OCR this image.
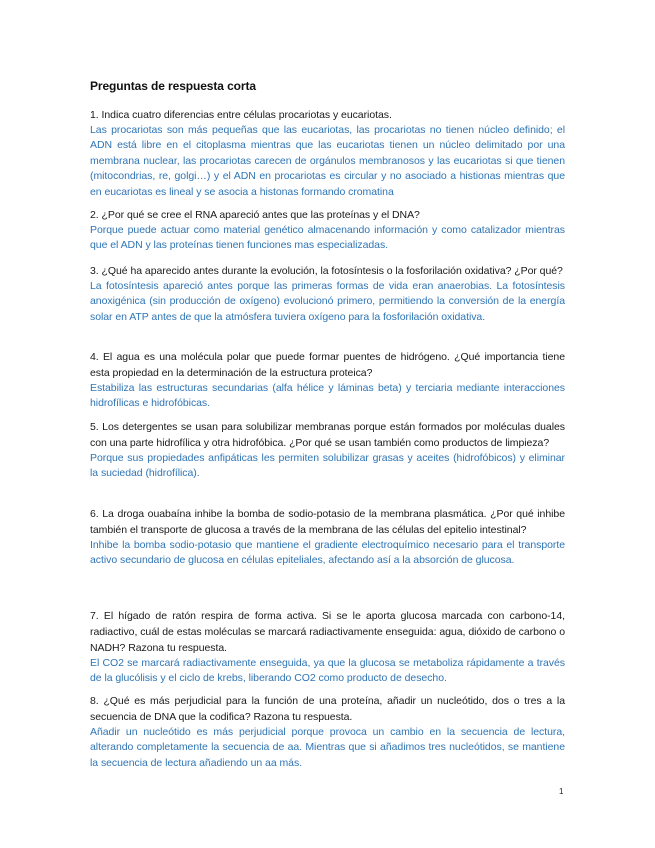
Preguntas de respuesta corta
1. Indica cuatro diferencias entre células procariotas y eucariotas.
Las procariotas son más pequeñas que las eucariotas, las procariotas no tienen núcleo definido; el ADN está libre en el citoplasma mientras que las eucariotas tienen un núcleo delimitado por una membrana nuclear, las procariotas carecen de orgánulos membranosos y las eucariotas si que tienen (mitocondrias, re, golgi…) y el ADN en procariotas es circular y no asociado a histionas mientras que en eucariotas es lineal y se asocia a histonas formando cromatina
2. ¿Por qué se cree el RNA apareció antes que las proteínas y el DNA?
Porque puede actuar como material genético almacenando información y como catalizador mientras que el ADN y las proteínas tienen funciones mas especializadas.
3. ¿Qué ha aparecido antes durante la evolución, la fotosíntesis o la fosforilación oxidativa? ¿Por qué?
La fotosíntesis apareció antes porque las primeras formas de vida eran anaerobias. La fotosíntesis anoxigénica (sin producción de oxígeno) evolucionó primero, permitiendo la conversión de la energía solar en ATP antes de que la atmósfera tuviera oxígeno para la fosforilación oxidativa.
4. El agua es una molécula polar que puede formar puentes de hidrógeno. ¿Qué importancia tiene esta propiedad en la determinación de la estructura proteica?
Estabiliza las estructuras secundarias (alfa hélice y láminas beta) y terciaria mediante interacciones hidrofílicas e hidrofóbicas.
5. Los detergentes se usan para solubilizar membranas porque están formados por moléculas duales con una parte hidrofílica y otra hidrofóbica. ¿Por qué se usan también como productos de limpieza?
Porque sus propiedades anfipáticas les permiten solubilizar grasas y aceites (hidrofóbicos) y eliminar la suciedad (hidrofílica).
6. La droga ouabaína inhibe la bomba de sodio-potasio de la membrana plasmática. ¿Por qué inhibe también el transporte de glucosa a través de la membrana de las células del epitelio intestinal?
Inhibe la bomba sodio-potasio que mantiene el gradiente electroquímico necesario para el transporte activo secundario de glucosa en células epiteliales, afectando así a la absorción de glucosa.
7. El hígado de ratón respira de forma activa. Si se le aporta glucosa marcada con carbono-14, radiactivo, cuál de estas moléculas se marcará radiactivamente enseguida: agua, dióxido de carbono o NADH? Razona tu respuesta.
El CO2 se marcará radiactivamente enseguida, ya que la glucosa se metaboliza rápidamente a través de la glucólisis y el ciclo de krebs, liberando CO2 como producto de desecho.
8. ¿Qué es más perjudicial para la función de una proteína, añadir un nucleótido, dos o tres a la secuencia de DNA que la codifica? Razona tu respuesta.
Añadir un nucleótido es más perjudicial porque provoca un cambio en la secuencia de lectura, alterando completamente la secuencia de aa. Mientras que si añadimos tres nucleótidos, se mantiene la secuencia de lectura añadiendo un aa más.
1
